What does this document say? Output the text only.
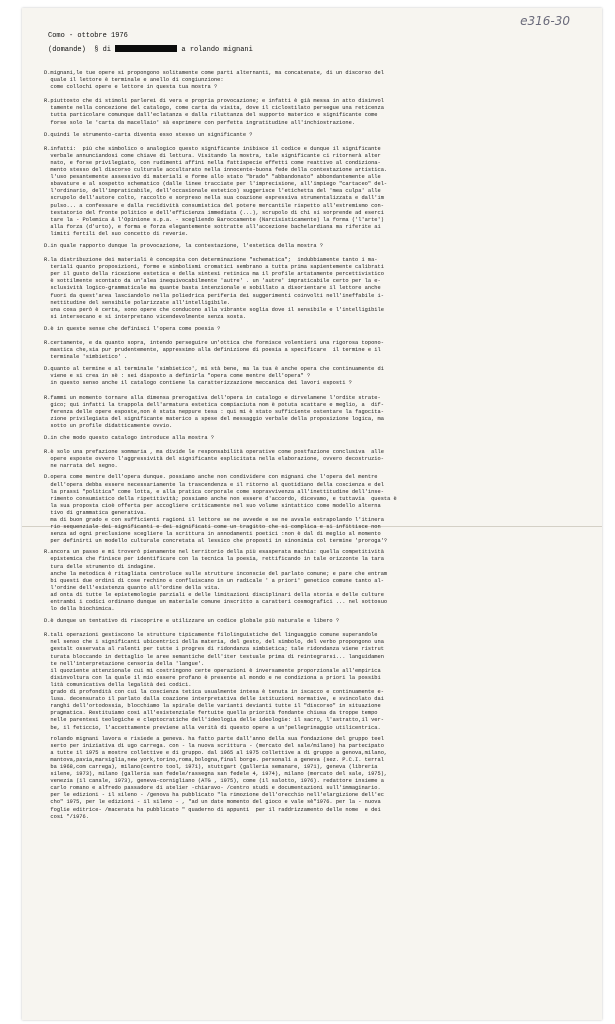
e316-30
Como - ottobre 1976
(domande)  § di	a rolando mignani
D.mignani,le tue opere si propongono solitamente come parti alternanti, ma concatenate, di un discorso del
quale il lettore è terminale e anello di congiunzione:
come collochi opere e lettore in questa tua mostra ?
R.piuttosto che di stimoli parlerei di vera e propria provocazione; e infatti è già messa in atto disinvol
tamente nella concezione del catalogo, come carta da visita, dove il ciclostilato persegue una reticenza
tutta particolare comunque dall'eclatanza e dalla riluttanza del supporto materico e significante come
forse solo le 'carta da macellaio' sà esprimere con perfetta ingratitudine all'inchiostrazione.
D.quindi le strumento-carta diventa esso stesso un significante ?
R.infatti:  più che simbolico o analogico questo significante inibisce il codice e dunque il significante
verbale annunciandosi come chiave di lettura. Visitando la mostra, tale significante ci ritornerà alter
nato, e forse privilegiato, con rudimenti affini nella fattispecie effetti come reattivo al condiziona-
mento stesso del discorso culturale accultarato nella innocente-buona fede della contestazione artistica.
l'uso pesantemente assessivo di materiali e forme allo stato "brado" "abbandonato" abbondantemente alle
sbavature e al sospetto schematico (dalle linee tracciate per l'imprecisione, all'impiego "cartaceo" del-
l'ordinario, dell'impraticabile, dell'occasionale estetico) suggerisce l'etichetta del 'mea culpa' alle
scrupolo dell'autore colto, raccolto e sorpreso nella sua coazione espressiva strumentalizzata e dall'im
pulso... a confessare e dalla recidività consumistica del potere mercantile rispetto all'estremismo con-
testatorio del fronte politico e dell'efficienza immediata (...), scrupolo di chi si sorprende ad eserci
tare la - Polemica & l'Opinione s.p.a. - scegliendo Baroccamente (Narcisisticamente) la forma ('l'arte')
alla forza (d'urto), e forma e forza elegantemente sottratte all'accezione bachelardiana ma riferite ai
limiti fertili del suo concetto di reverie.
D.in quale rapporto dunque la provocazione, la contestazione, l'estetica della mostra ?
R.la distribuzione dei materiali è concepita con determinazione "schematica";  indubbiamente tanto i ma-
teriali quanto proposizioni, forme e simbolismi cromatici sembrano a tutta prima sapientemente calibrati
per il gusto della ricezione estetica e della sintesi retinica ma il profile artatamente percettivistico
è sottilmente scontato da un'alea inequivocabilmente 'autre' . un 'autre' impraticabile certo per la e-
sclusività logico-grammaticale ma quante basta intenzionale e sobillato a disorientare il lettore anche
fuori da quest'area lasciandolo nella poliedrica periferia dei suggerimenti coinvolti nell'ineffabile i-
nettitudine del sensibile polarizzate all'intelligibile.
una cosa però è certa, sono opere che conducono alla vibrante soglia dove il sensibile e l'intelligibile
si intersecano e si interpretano vicendevolmente senza sosta.
D.è in queste sense che definisci l'opera come poesia ?
R.certamente, e da quanto sopra, intendo perseguire un'ottica che formisce volentieri una rigorosa topono-
mastica che,sia pur prudentemente, appressimo alla definizione di poesia a specificare  il termine e il
terminale 'simbietico' .
D.quanto al termine e al terminale 'simbietico', mi stà bene, ma la tua è anche opera che continuamente di
viene e si crea in sè : sei disposto a definirla "opera come mentre dell'opera" ?
in questo senso anche il catalogo contiene la caratterizzazione meccanica dei lavori esposti ?
R.fammi un momento tornare alla dimensa prerogativa dell'opera in catalogo e dirvelamene l'ordite strate-
gico; qui infatti la trappola dell'armatura estetica compiaciuta nom è potuta scattare e meglio, a  dif-
ferenza delle opere esposte,non è stata neppure tesa : qui mi è stato sufficiente ostentare la fagocita-
zione privilegiata del significante materico a spese del messaggio verbale della proposizione logica, ma
sotto un profile didatticamente ovvio.
D.in che modo questo catalogo introduce alla mostra ?
R.è solo una prefazione sommaria , ma divide le responsabilità operative come postfazione conclusiva  alle
opere esposte ovvero l'aggressività del significante esplicitata nella elaborazione, ovvero decostruzio-
ne narrata del segno.
D.opera come mentre dell'opera dunque. possiamo anche non condividere con mignani che l'opera del mentre
dell'opera debba essere necessariamente la trascendenza e il ritorno al quotidiano della coscienza e del
la prassi "politica" come lotta, e alla pratica corporale come sopravvivenza all'inettitudine dell'inse-
rimento consumistico della ripetitività; possiamo anche non essere d'accordo, dicevamo, e tuttavia  questa è
la sua proposta cioè offerta per accogliere criticamente nel suo volume sintattico come modello alterna
tivo di grammatica generativa.
ma di buon grado e con sufficienti ragioni il lettore se ne avvede e se ne avvale estrapolando l'itinera
rio sequenziale dei significanti e dei significati come un tragitto che si complica e si infittisce non
senza ad ogni preclusione scegliere la scrittura in annodamenti poetici :non è dal di meglio al momento
per definirti un modello culturale concretata al lessico che proposti in sinonimia col termine 'proroga'?
R.ancora un passo e mi troverò pienamente nel territorio della più esasperata machia: quella competitività
epistemica che finisce per identificare con la tecnica la poesia, rettificando in tale orizzonte la tara
tura delle strumento di indagine.
anche la metodica è ritagliata centroluce sulle strutture inconscie del parlato comune; e pare che entram
bi questi due ordini di cose rechino e confluiscano in un radicale ' a priori' genetico comune tanto al-
l'ordine dell'esistenza quanto all'ordine della vita.
ad onta di tutte le epistemologie parziali e delle limitazioni disciplinari della storia e delle culture
entrambi i codici ordinano dunque un materiale comune inscritto a caratteri cosmografici ... nel sottosuo
lo della biochimica.
D.è dunque un tentativo di riscoprire e utilizzare un codice globale più naturale e libero ?
R.tali operazioni gestiscono le strutture tipicamente filolinguistiche del linguaggio comune superandole
nel senso che i significanti ubicentrici della materia, del gesto, del simbolo, del verbo propongono una
gestalt osservata al ralenti per tutte i progres di ridondanza simbietica; tale ridondanza viene ristrut
turata bloccando in dettaglio le aree semantiche dell'iter testuale prima di reintegrarsi... languidamen
te nell'interpretazione censoria della 'langue'.
il quoziente attenzionale cui mi costringono certe operazioni è inversamente proporzionale all'empirica
disinvoltura con la quale il mio essere profano è presente al mondo e ne condiziona a priori la possibi
lità comunicativa della legalità dei codici.
grado di profondità con cui la coscienza tetica usualmente intesa è tenuta in iscacco e continuamente e-
lusa. decensurato il parlato dalla coazione interpretativa delle istituzioni normative, e svincolato dai
ranghi dell'ortodossia, blocchiamo la spirale delle varianti devianti tutte il "discorso" in situazione
pragmatica. Restituiamo così all'esistenziale fertuite quella priorità fondante chiusa da troppe tempo
nelle parentesi teologiche e cleptocratiche dell'ideologia delle ideologie: il sacro, l'astratto,il ver-
be, il feticcio, l'accettamente previene alla verità di questo opere a un'pellegrinaggio utilicentrica.
rolando mignani lavora e risiede a geneva. ha fatto parte dall'anno della sua fondazione del gruppo teel
serto per iniziativa di ugo carrega. con - la nuova scrittura - (mercato del sale/milano) ha partecipato
a tutte il 1975 a mostre collettive e di gruppo. dal 1965 al 1975 collettive a di gruppo a genova,milano,
mantova,pavia,marsiglia,new york,torino,roma,bologna,final borge. personali a geneva (sez. P.C.I. terral
ba 1968,com carrega), milano(centro tool, 1971), stuttgart (galleria semanare, 1971), geneva (libreria
silene, 1973), milano (galleria san fedele/rassegna san fedele 4, 1974), milano (mercato del sale, 1975),
venezia (il canale, 1973), geneva-cornigliano (ATG , 1975), come (il salotto, 1976). redattore insieme a
carlo romano e alfredo passadore di atelier -chiaravo- /centro studi e documentazioni sull'immaginario.
per le edizioni - il sileno - /genova ha pubblicato "la rimozione dell'orecchio nell'elargizione dell'ec
cho" 1975, per le edizioni - il sileno - , "ad un date momento del gioco e vale sè"1976. per la - nuova
foglie editrice- /macerata ha pubblicato " quaderno di appunti  per il raddrizzamento delle nome  e dei
cosi "/1976.
